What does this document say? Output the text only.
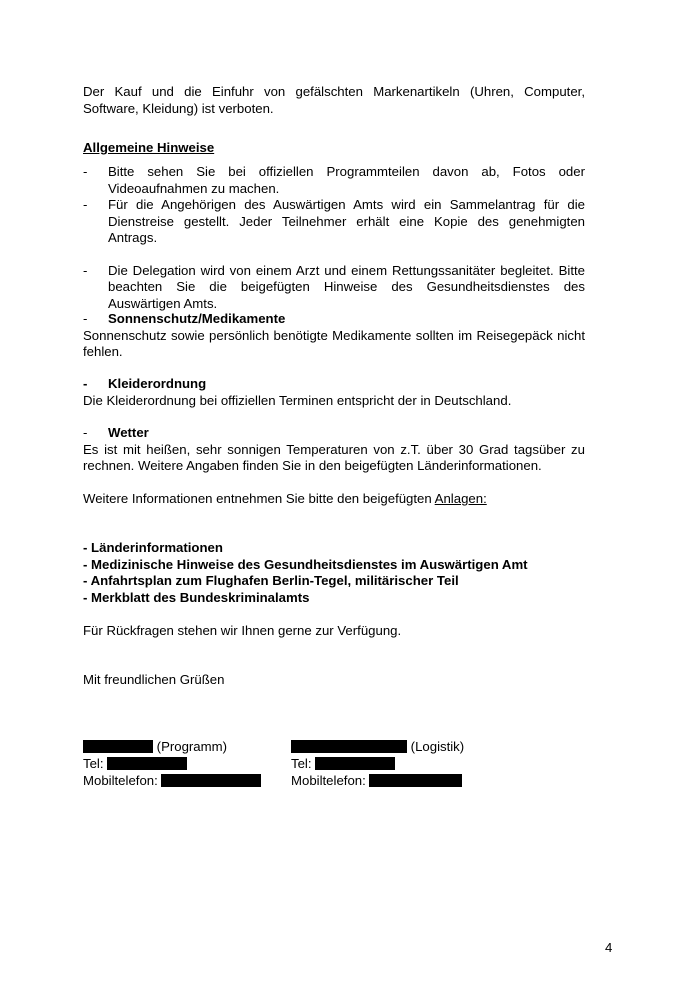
Der Kauf und die Einfuhr von gefälschten Markenartikeln (Uhren, Computer, Software, Kleidung) ist verboten.
Allgemeine Hinweise
-	Bitte sehen Sie bei offiziellen Programmteilen davon ab, Fotos oder Videoaufnahmen zu machen.
-	Für die Angehörigen des Auswärtigen Amts wird ein Sammelantrag für die Dienstreise gestellt. Jeder Teilnehmer erhält eine Kopie des genehmigten Antrags.
-	Die Delegation wird von einem Arzt und einem Rettungssanitäter begleitet. Bitte beachten Sie die beigefügten Hinweise des Gesundheitsdienstes des Auswärtigen Amts.
-	Sonnenschutz/Medikamente
Sonnenschutz sowie persönlich benötigte Medikamente sollten im Reisegepäck nicht fehlen.
-	Kleiderordnung
Die Kleiderordnung bei offiziellen Terminen entspricht der in Deutschland.
-	Wetter
Es ist mit heißen, sehr sonnigen Temperaturen von z.T. über 30 Grad tagsüber zu rechnen. Weitere Angaben finden Sie in den beigefügten Länderinformationen.
Weitere Informationen entnehmen Sie bitte den beigefügten Anlagen:
- Länderinformationen
- Medizinische Hinweise des Gesundheitsdienstes im Auswärtigen Amt
- Anfahrtsplan zum Flughafen Berlin-Tegel, militärischer Teil
- Merkblatt des Bundeskriminalamts
Für Rückfragen stehen wir Ihnen gerne zur Verfügung.
Mit freundlichen Grüßen
(Programm)
Tel:
Mobiltelefon:
(Logistik)
Tel:
Mobiltelefon:
4
